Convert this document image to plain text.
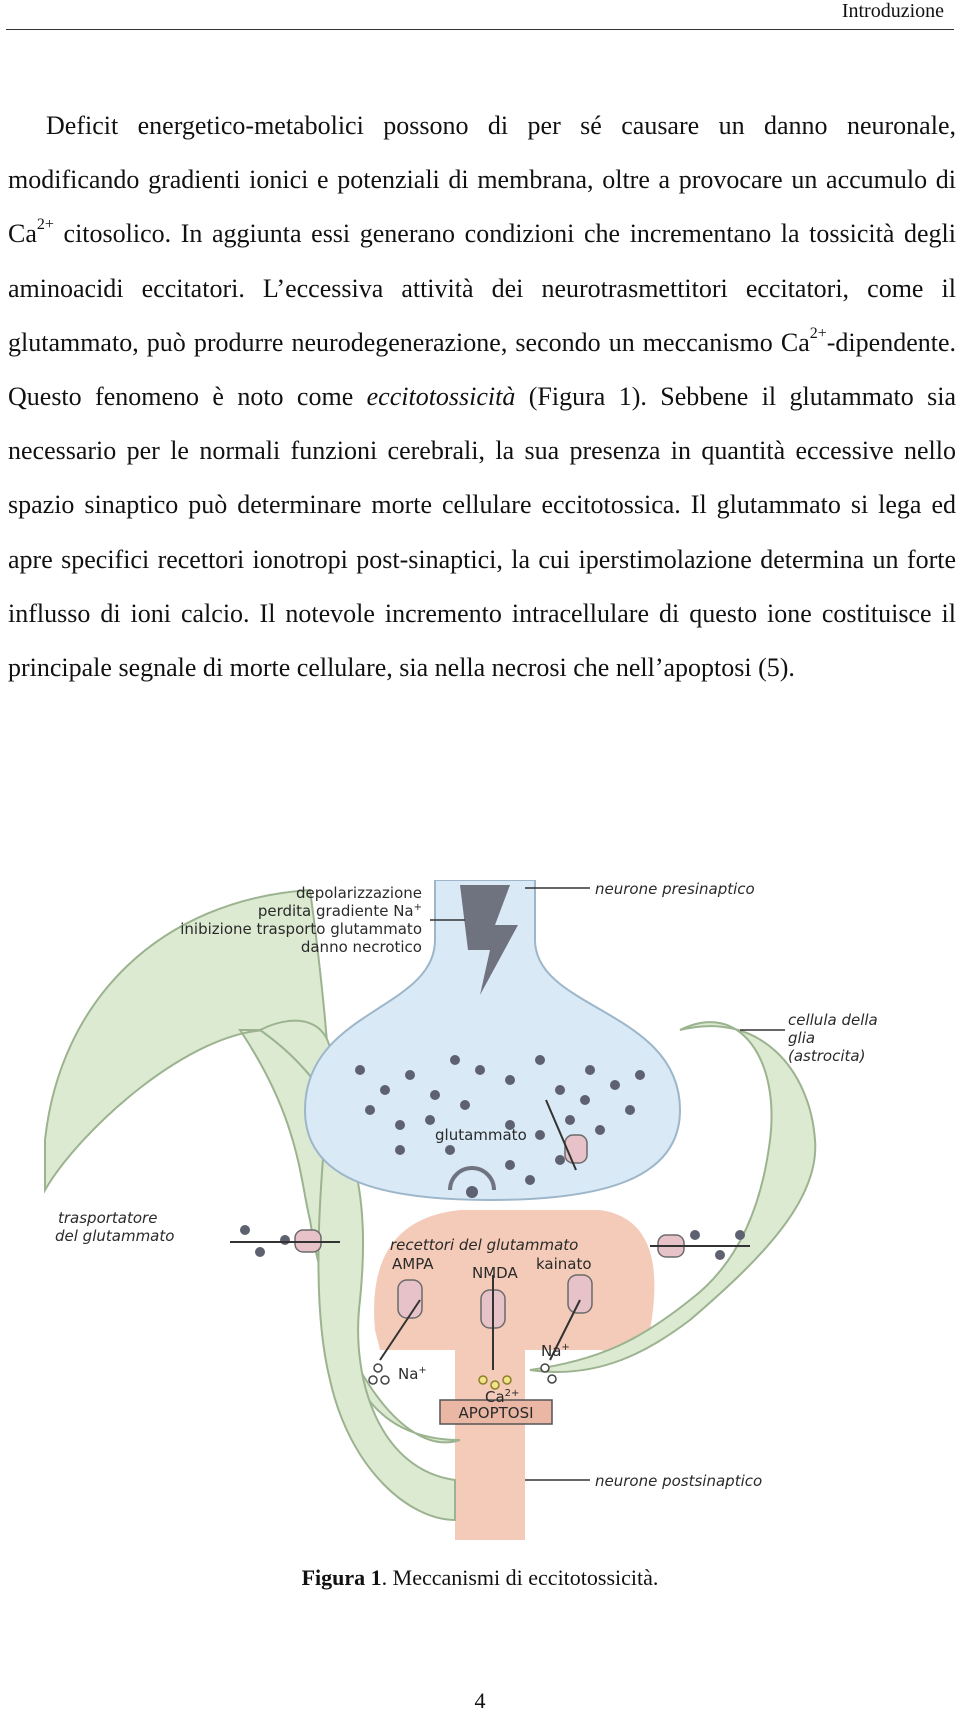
Introduzione

Deficit energetico-metabolici possono di per sé causare un danno neuronale, modificando gradienti ionici e potenziali di membrana, oltre a provocare un accumulo di $Ca^{2+}$ citosolico. In aggiunta essi generano condizioni che incrementano la tossicità degli aminoacidi eccitatori. L’eccessiva attività dei neurotrasmettitori eccitatori, come il glutammato, può produrre neurodegenerazione, secondo un meccanismo $Ca^{2+}$-dipendente. Questo fenomeno è noto come eccitotossicità (Figura 1). Sebbene il glutammato sia necessario per le normali funzioni cerebrali, la sua presenza in quantità eccessive nello spazio sinaptico può determinare morte cellulare eccitotossica. Il glutammato si lega ed apre specifici recettori ionotropi post-sinaptici, la cui iperstimolazione determina un forte influsso di ioni calcio. Il notevole incremento intracellulare di questo ione costituisce il principale segnale di morte cellulare, sia nella necrosi che nell’apoptosi (5).

neurone presinaptico
depolarizzazione
perdita gradiente Na+
inibizione trasporto glutammato
danno necrotico
cellula della
glia
(astrocita)
glutammato
trasportatore
del glutammato	recettori del glutammato
AMPA	NMDA kainato
Na+
$Ca^{2+}$
Na+
APOPTOSI
neurone postsinaptico
Figura 1. Meccanismi di eccitotossicità.
4
